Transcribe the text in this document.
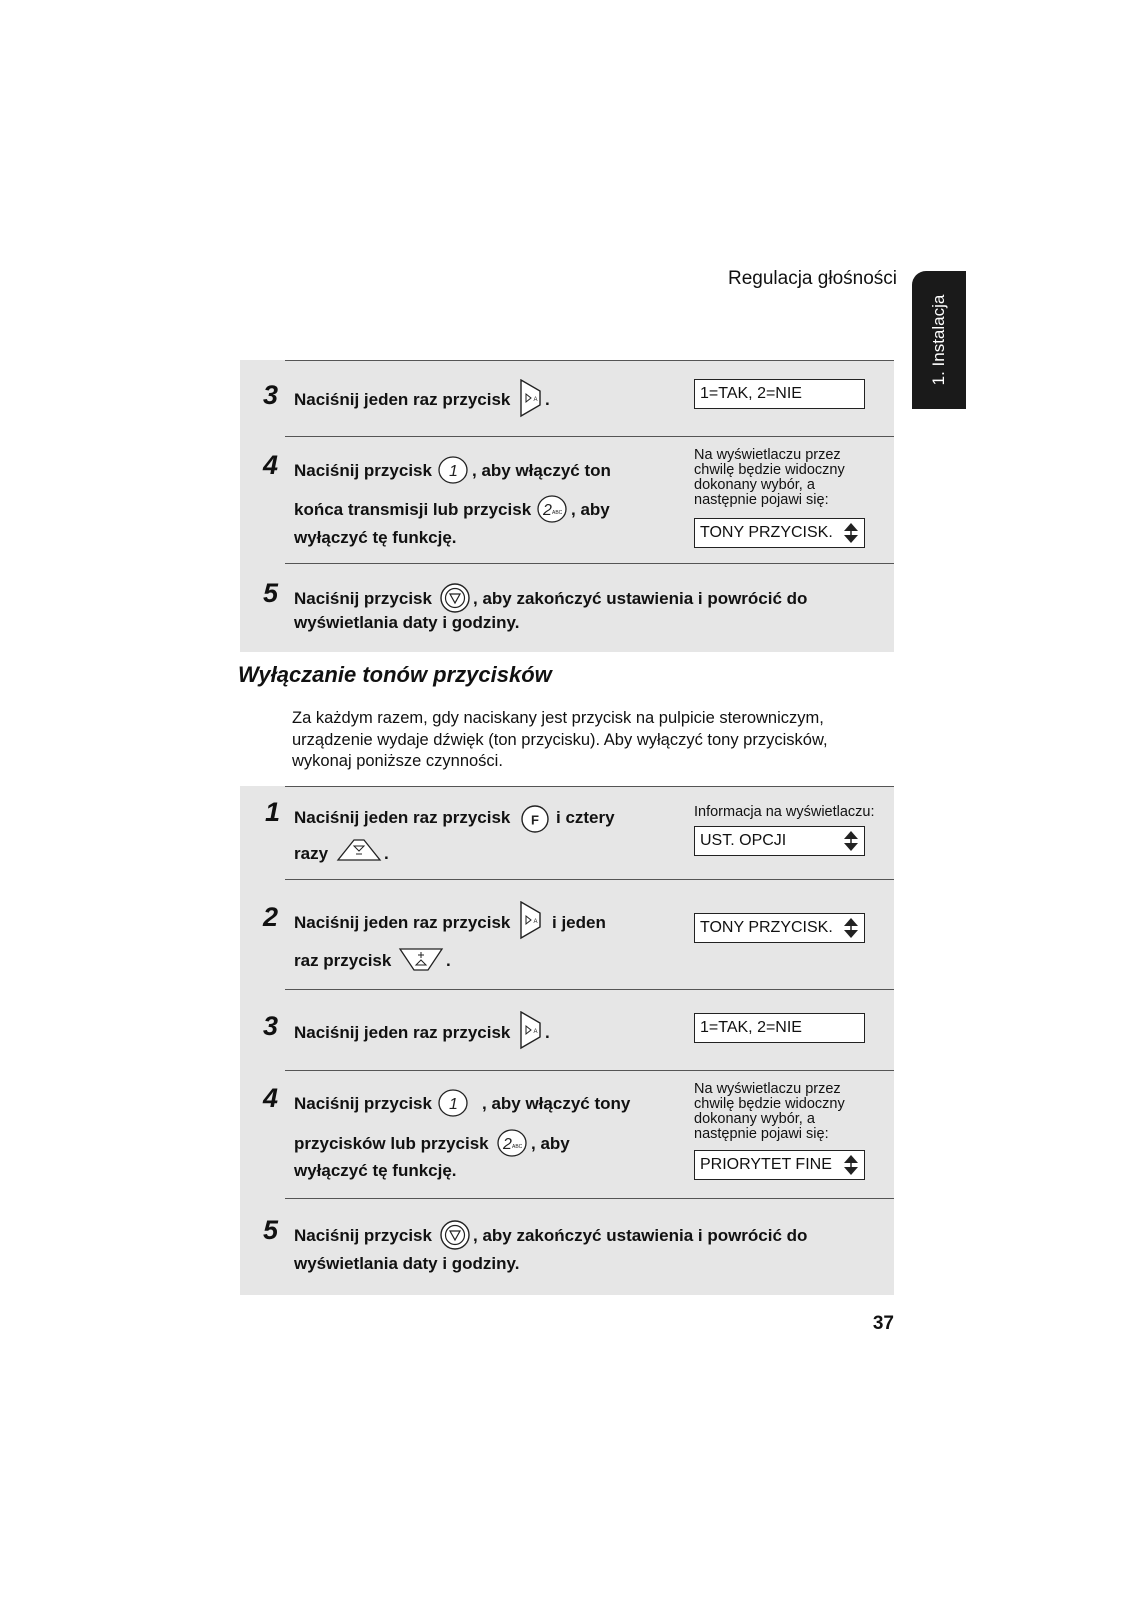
Regulacja głośności
1. Instalacja
3 Naciśnij jeden raz przycisk .	1=TAK, 2=NIE
4 Naciśnij przycisk , aby włączyć ton
końca transmisji lub przycisk , aby
wyłączyć tę funkcję.
Na wyświetlaczu przez
chwilę będzie widoczny
dokonany wybór, a
następnie pojawi się:
TONY PRZYCISK.
5 Naciśnij przycisk , aby zakończyć ustawienia i powrócić do
wyświetlania daty i godziny.
Wyłączanie tonów przycisków
Za każdym razem, gdy naciskany jest przycisk na pulpicie sterowniczym,
urządzenie wydaje dźwięk (ton przycisku). Aby wyłączyć tony przycisków,
wykonaj poniższe czynności.
1 Naciśnij jeden raz przycisk	i cztery
razy	.
Informacja na wyświetlaczu:
UST. OPCJI
2 Naciśnij jeden raz przycisk i jeden
raz przycisk	.
TONY PRZYCISK.
3 Naciśnij jeden raz przycisk .	1=TAK, 2=NIE
4 Naciśnij przycisk	, aby włączyć tony
przycisków lub przycisk , aby
wyłączyć tę funkcję.
Na wyświetlaczu przez
chwilę będzie widoczny
dokonany wybór, a
następnie pojawi się:
PRIORYTET FINE
5 Naciśnij przycisk , aby zakończyć ustawienia i powrócić do
wyświetlania daty i godziny.
37
